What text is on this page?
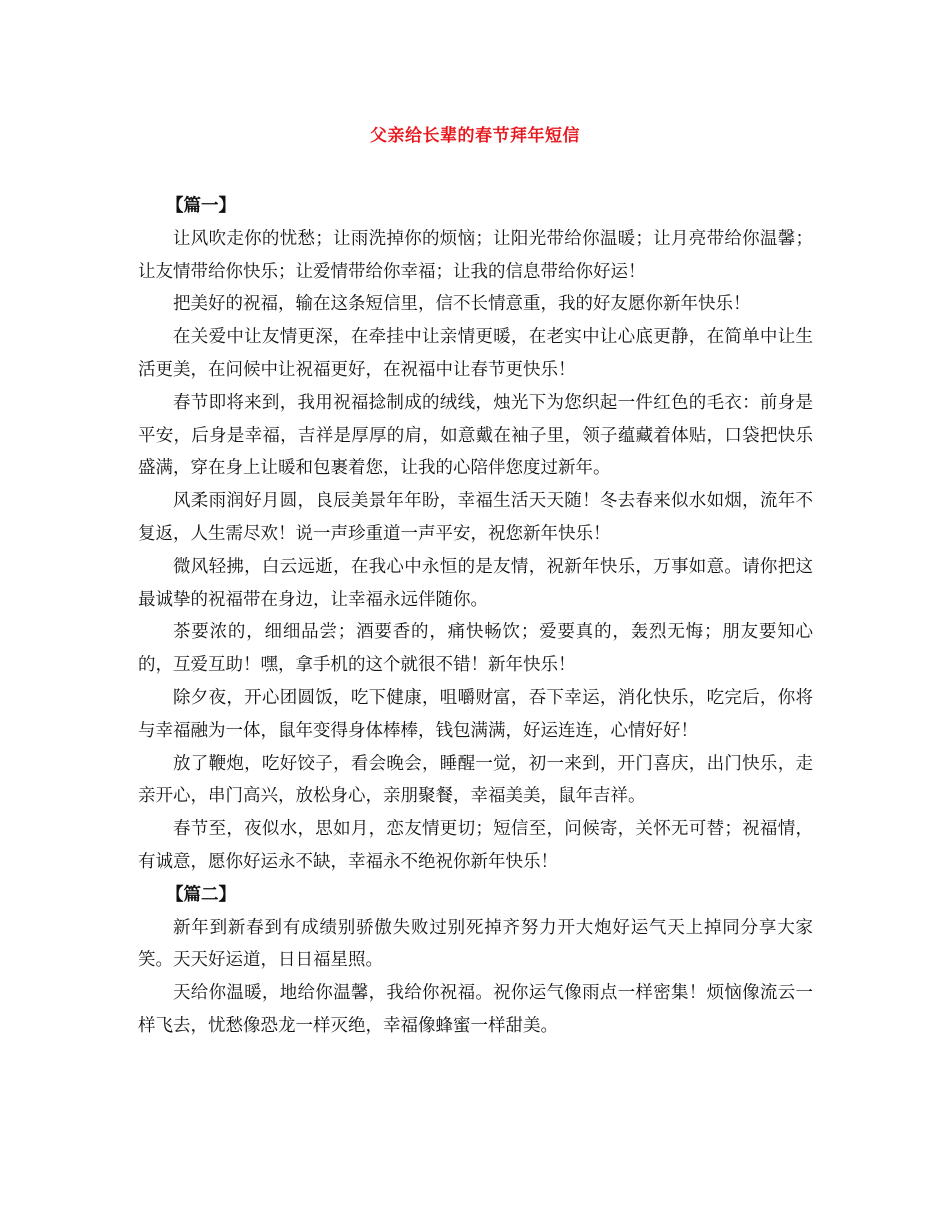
父亲给长辈的春节拜年短信

【篇一】

让风吹走你的忧愁；让雨洗掉你的烦恼；让阳光带给你温暖；让月亮带给你温馨；让友情带给你快乐；让爱情带给你幸福；让我的信息带给你好运！

把美好的祝福，输在这条短信里，信不长情意重，我的好友愿你新年快乐！

在关爱中让友情更深，在牵挂中让亲情更暖，在老实中让心底更静，在简单中让生活更美，在问候中让祝福更好，在祝福中让春节更快乐！

春节即将来到，我用祝福捻制成的绒线，烛光下为您织起一件红色的毛衣：前身是平安，后身是幸福，吉祥是厚厚的肩，如意戴在袖子里，领子蕴藏着体贴，口袋把快乐盛满，穿在身上让暖和包裹着您，让我的心陪伴您度过新年。

风柔雨润好月圆，良辰美景年年盼，幸福生活天天随！冬去春来似水如烟，流年不复返，人生需尽欢！说一声珍重道一声平安，祝您新年快乐！

微风轻拂，白云远逝，在我心中永恒的是友情，祝新年快乐，万事如意。请你把这最诚挚的祝福带在身边，让幸福永远伴随你。

茶要浓的，细细品尝；酒要香的，痛快畅饮；爱要真的，轰烈无悔；朋友要知心的，互爱互助！嘿，拿手机的这个就很不错！新年快乐！

除夕夜，开心团圆饭，吃下健康，咀嚼财富，吞下幸运，消化快乐，吃完后，你将与幸福融为一体，鼠年变得身体棒棒，钱包满满，好运连连，心情好好！

放了鞭炮，吃好饺子，看会晚会，睡醒一觉，初一来到，开门喜庆，出门快乐，走亲开心，串门高兴，放松身心，亲朋聚餐，幸福美美，鼠年吉祥。

春节至，夜似水，思如月，恋友情更切；短信至，问候寄，关怀无可替；祝福情，有诚意，愿你好运永不缺，幸福永不绝祝你新年快乐！

【篇二】

新年到新春到有成绩别骄傲失败过别死掉齐努力开大炮好运气天上掉同分享大家笑。天天好运道，日日福星照。

天给你温暖，地给你温馨，我给你祝福。祝你运气像雨点一样密集！烦恼像流云一样飞去，忧愁像恐龙一样灭绝，幸福像蜂蜜一样甜美。
